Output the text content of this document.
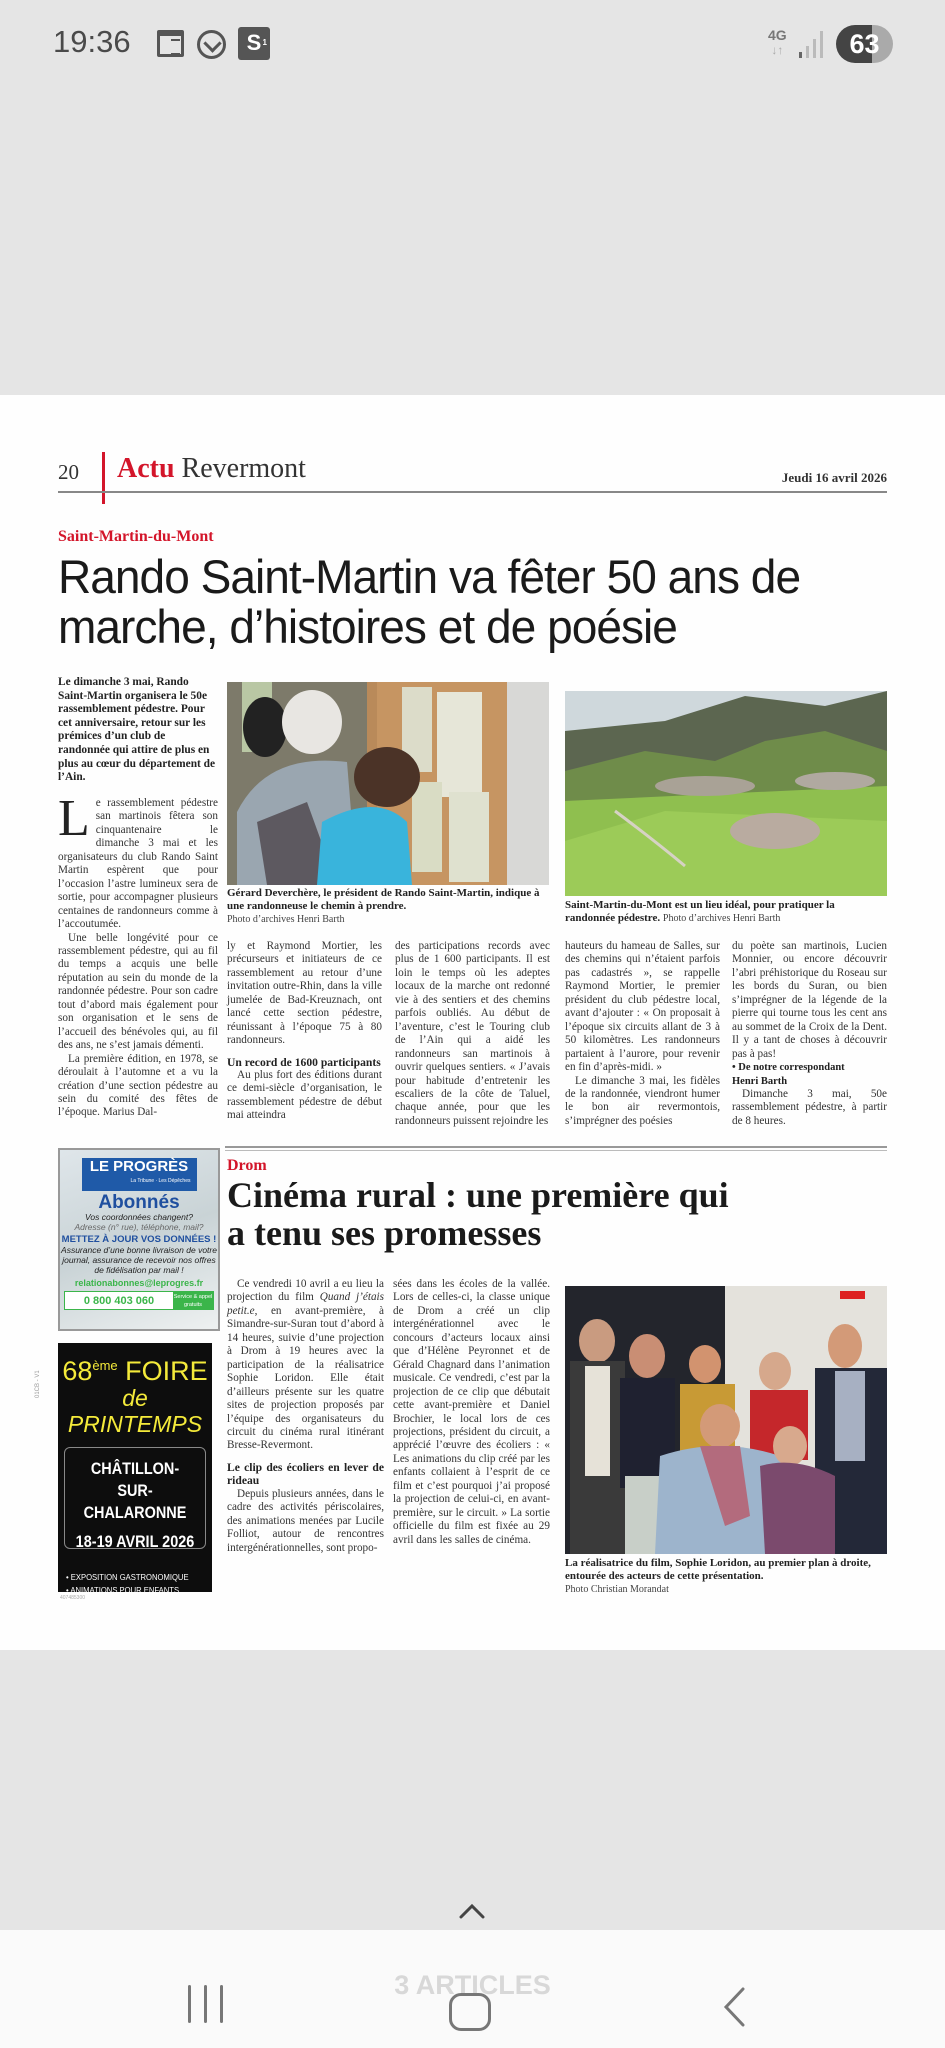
19:36	S 1	4G
↓↑	63
20 Actu Revermont	Jeudi 16 avril 2026
Saint-Martin-du-Mont
Rando Saint-Martin va fêter 50 ans de marche, d’histoires et de poésie
Le dimanche 3 mai, Rando Saint-Martin organisera le 50e rassemblement pédestre. Pour cet anniversaire, retour sur les prémices d’un club de randonnée qui attire de plus en plus au cœur du département de l’Ain.

Le rassemblement pédestre san martinois fêtera son cinquantenaire le dimanche 3 mai et les organisateurs du club Rando Saint Martin espèrent que pour l’occasion l’astre lumineux sera de sortie, pour accompagner plusieurs centaines de randonneurs comme à l’accoutumée.

Une belle longévité pour ce rassemblement pédestre, qui au fil du temps a acquis une belle réputation au sein du monde de la randonnée pédestre. Pour son cadre tout d’abord mais également pour son organisation et le sens de l’accueil des bénévoles qui, au fil des ans, ne s’est jamais démenti.

La première édition, en 1978, se déroulait à l’automne et a vu la création d’une section pédestre au sein du comité des fêtes de l’époque. Marius Dal-

Gérard Deverchère, le président de Rando Saint-Martin, indique à une randonneuse le chemin à prendre.
Photo d’archives Henri Barth
Saint-Martin-du-Mont est un lieu idéal, pour pratiquer la randonnée pédestre. Photo d’archives Henri Barth

ly et Raymond Mortier, les précurseurs et initiateurs de ce rassemblement au retour d’une invitation outre-Rhin, dans la ville jumelée de Bad-Kreuznach, ont lancé cette section pédestre, réunissant à l’époque 75 à 80 randonneurs.

Un record de 1600 participants

Au plus fort des éditions durant ce demi-siècle d’organisation, le rassemblement pédestre de début mai atteindra

des participations records avec plus de 1 600 participants. Il est loin le temps où les adeptes locaux de la marche ont redonné vie à des sentiers et des chemins parfois oubliés. Au début de l’aventure, c’est le Touring club de l’Ain qui a aidé les randonneurs san martinois à ouvrir quelques sentiers. « J’avais pour habitude d’entretenir les escaliers de la côte de Taluel, chaque année, pour que les randonneurs puissent rejoindre les

hauteurs du hameau de Salles, sur des chemins qui n’étaient parfois pas cadastrés », se rappelle Raymond Mortier, le premier président du club pédestre local, avant d’ajouter : « On proposait à l’époque six circuits allant de 3 à 50 kilomètres. Les randonneurs partaient à l’aurore, pour revenir en fin d’après-midi. »

Le dimanche 3 mai, les fidèles de la randonnée, viendront humer le bon air revermontois, s’imprégner des poésies

du poète san martinois, Lucien Monnier, ou encore découvrir l’abri préhistorique du Roseau sur les bords du Suran, ou bien s’imprégner de la légende de la pierre qui tourne tous les cent ans au sommet de la Croix de la Dent. Il y a tant de choses à découvrir pas à pas!

• De notre correspondant
Henri Barth

Dimanche 3 mai, 50e rassemblement pédestre, à partir de 8 heures.

LE PROGRÈS
La Tribune · Les Dépêches
Abonnés
Vos coordonnées changent?
Adresse (n° rue), téléphone, mail?
METTEZ À JOUR VOS DONNÉES !
Assurance d’une bonne livraison de votre journal, assurance de recevoir nos offres de fidélisation par mail !
relationabonnes@leprogres.fr
0 800 403 060	Service & appel gratuits
01CB - V1 68ème FOIRE
de PRINTEMPS
CHÂTILLON-
SUR-CHALARONNE
18-19 AVRIL 2026
• EXPOSITION GASTRONOMIQUE
• ANIMATIONS POUR ENFANTS
407485300
Drom
Cinéma rural : une première qui a tenu ses promesses

Ce vendredi 10 avril a eu lieu la projection du film Quand j’étais petit.e, en avant-première, à Simandre-sur-Suran tout d’abord à 14 heures, suivie d’une projection à Drom à 19 heures avec la participation de la réalisatrice Sophie Loridon. Elle était d’ailleurs présente sur les quatre sites de projection proposés par l’équipe des organisateurs du circuit du cinéma rural itinérant Bresse-Revermont.

Le clip des écoliers en lever de rideau

Depuis plusieurs années, dans le cadre des activités périscolaires, des animations menées par Lucile Folliot, autour de rencontres intergénérationnelles, sont propo-

sées dans les écoles de la vallée. Lors de celles-ci, la classe unique de Drom a créé un clip intergénérationnel avec le concours d’acteurs locaux ainsi que d’Hélène Peyronnet et de Gérald Chagnard dans l’animation musicale. Ce vendredi, c’est par la projection de ce clip que débutait cette avant-première et Daniel Brochier, le local lors de ces projections, président du circuit, a apprécié l’œuvre des écoliers : « Les animations du clip créé par les enfants collaient à l’esprit de ce film et c’est pourquoi j’ai proposé la projection de celui-ci, en avant-première, sur le circuit. » La sortie officielle du film est fixée au 29 avril dans les salles de cinéma.

La réalisatrice du film, Sophie Loridon, au premier plan à droite, entourée des acteurs de cette présentation.
Photo Christian Morandat
3 ARTICLES
